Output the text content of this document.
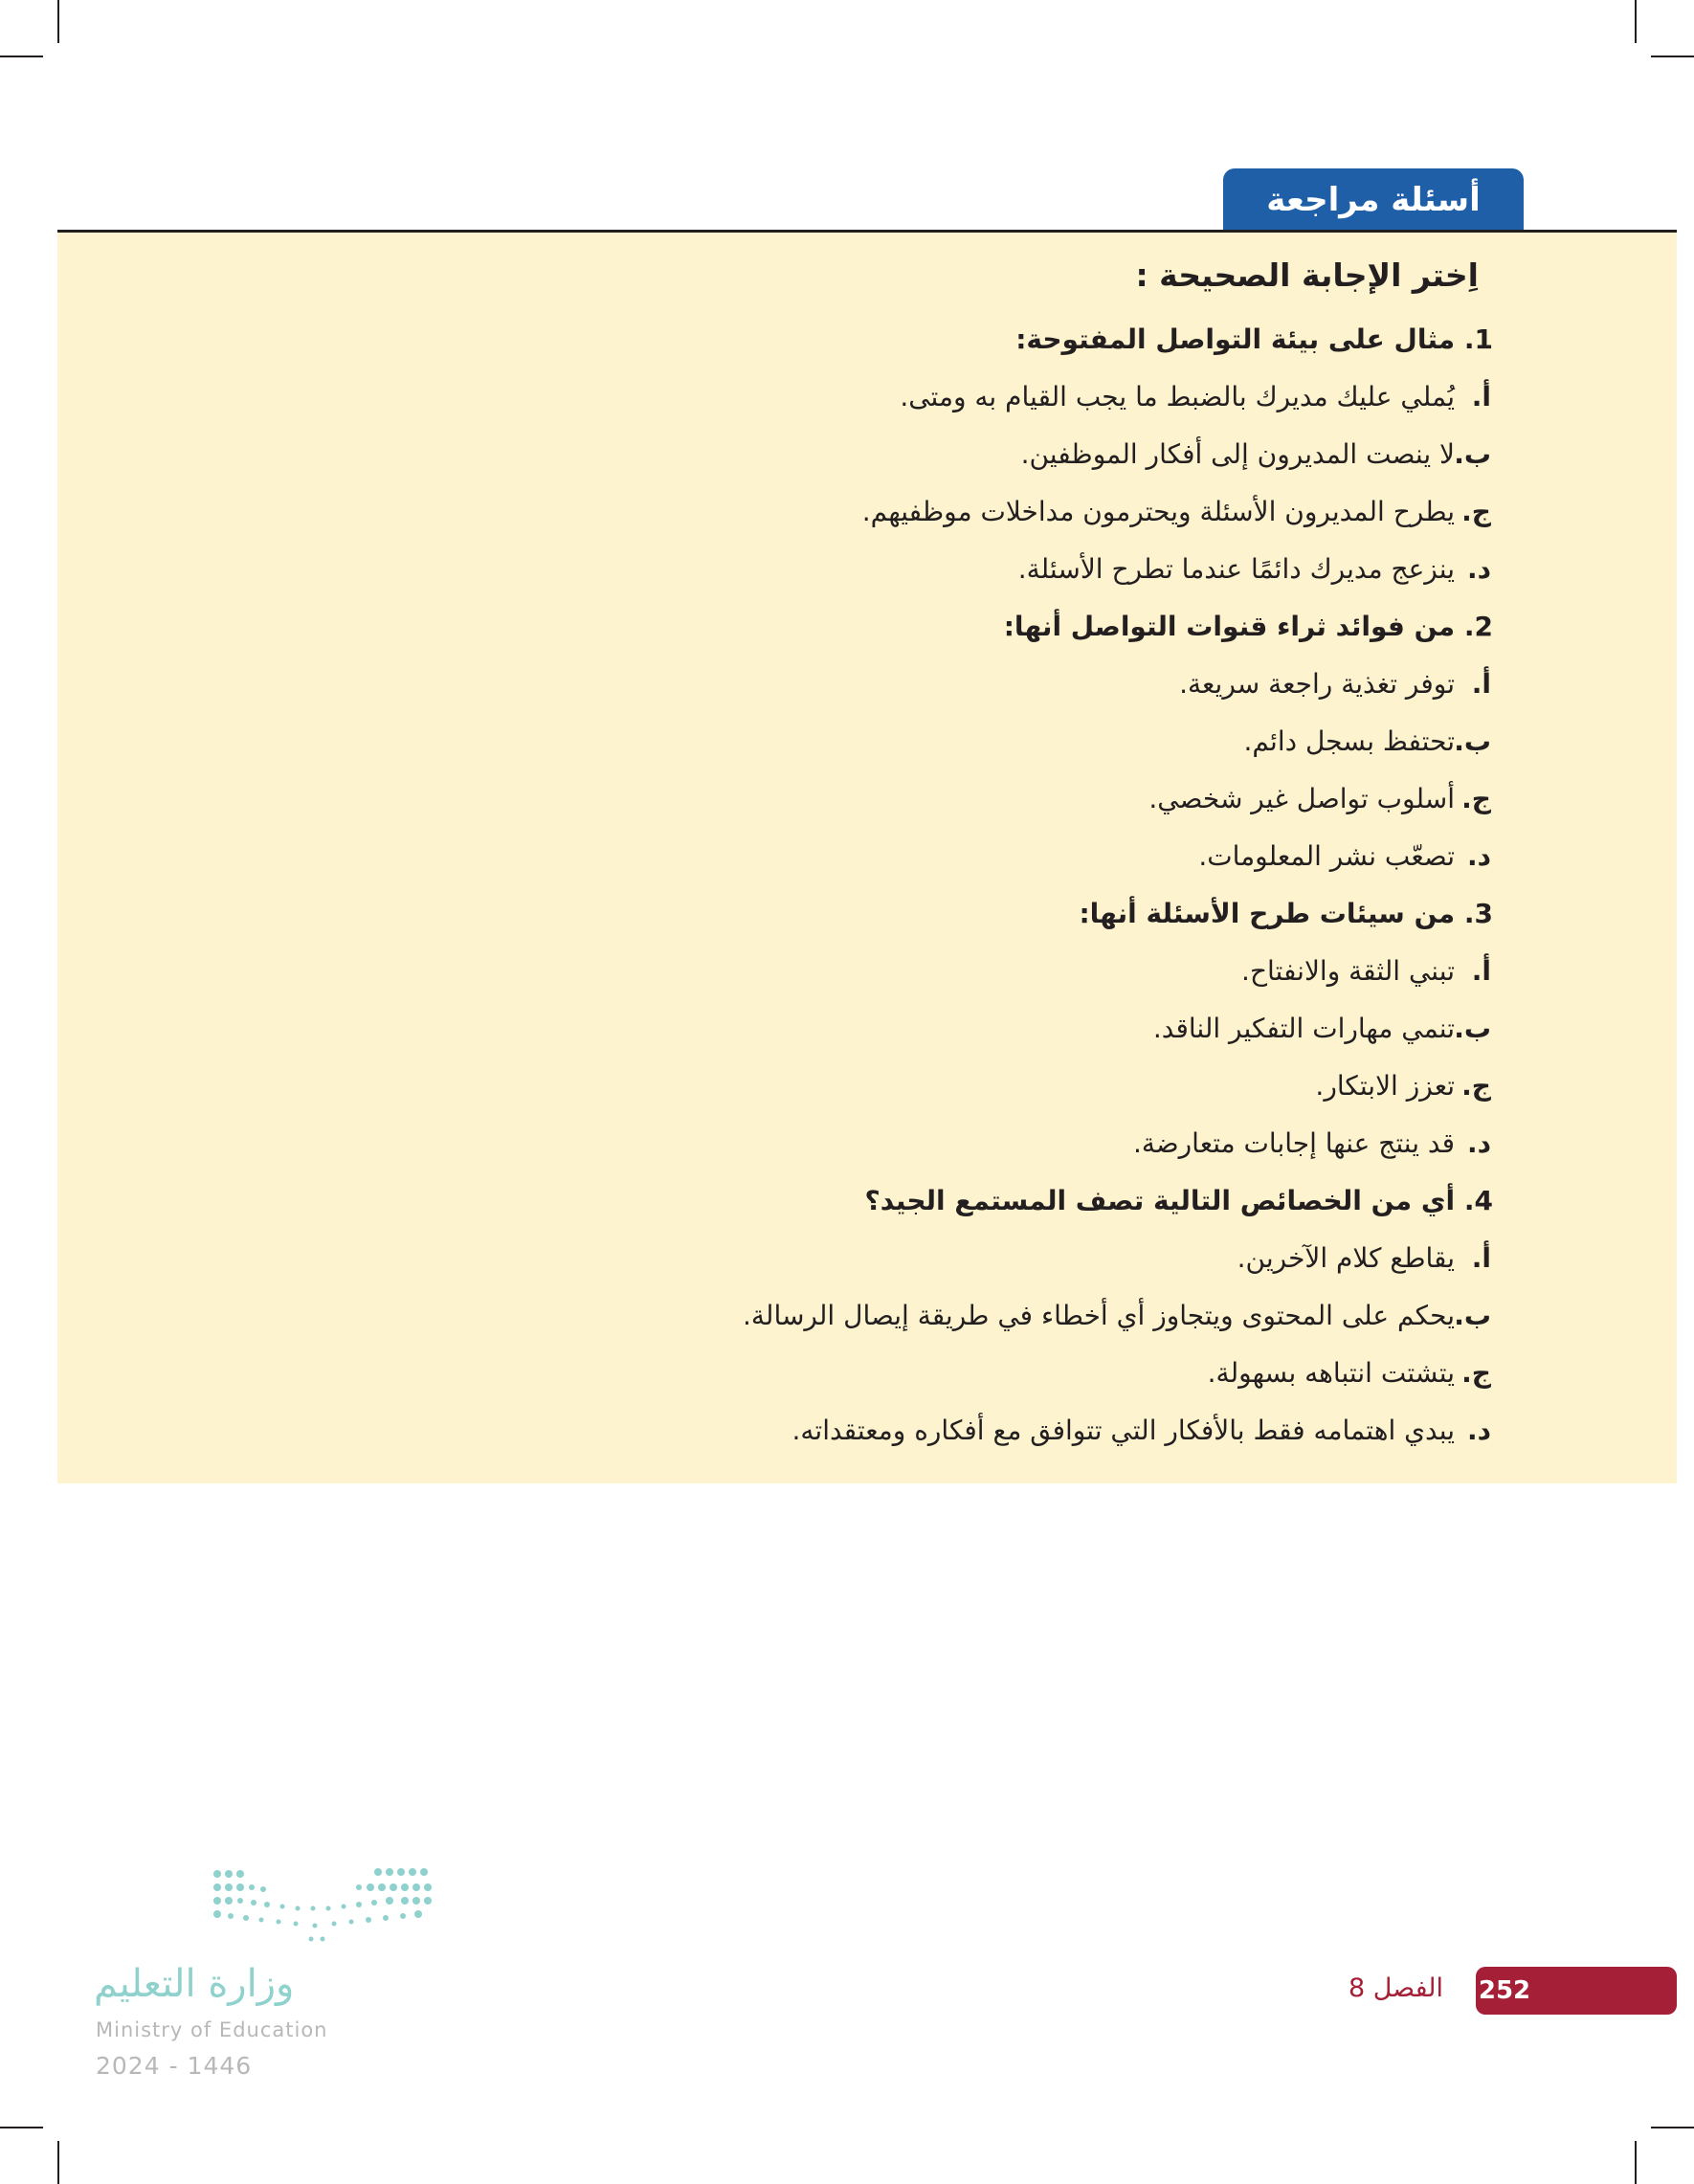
أسئلة مراجعة
اِختر الإجابة الصحيحة :
1. مثال على بيئة التواصل المفتوحة:
أ.
يُملي عليك مديرك بالضبط ما يجب القيام به ومتى.
ب.
لا ينصت المديرون إلى أفكار الموظفين.
ج.
يطرح المديرون الأسئلة ويحترمون مداخلات موظفيهم.
د.
ينزعج مديرك دائمًا عندما تطرح الأسئلة.
2. من فوائد ثراء قنوات التواصل أنها:
أ.
توفر تغذية راجعة سريعة.
ب.
تحتفظ بسجل دائم.
ج.
أسلوب تواصل غير شخصي.
د.
تصعّب نشر المعلومات.
3. من سيئات طرح الأسئلة أنها:
أ.
تبني الثقة والانفتاح.
ب.
تنمي مهارات التفكير الناقد.
ج.
تعزز الابتكار.
د.
قد ينتج عنها إجابات متعارضة.
4. أي من الخصائص التالية تصف المستمع الجيد؟
أ.
يقاطع كلام الآخرين.
ب.
يحكم على المحتوى ويتجاوز أي أخطاء في طريقة إيصال الرسالة.
ج.
يتشتت انتباهه بسهولة.
د.
يبدي اهتمامه فقط بالأفكار التي تتوافق مع أفكاره ومعتقداته.
وزارة التعليم
Ministry of Education
2024 - 1446
الفصل 8 252
